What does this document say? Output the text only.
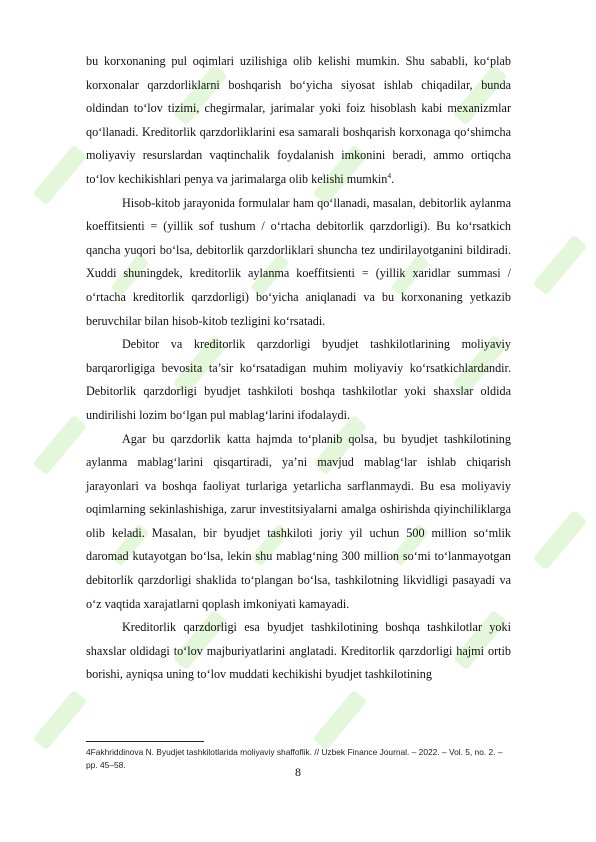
bu korxonaning pul oqimlari uzilishiga olib kelishi mumkin. Shu sababli, ko‘plab korxonalar qarzdorliklarni boshqarish bo‘yicha siyosat ishlab chiqadilar, bunda oldindan to‘lov tizimi, chegirmalar, jarimalar yoki foiz hisoblash kabi mexanizmlar qo‘llanadi. Kreditorlik qarzdorliklarini esa samarali boshqarish korxonaga qo‘shimcha moliyaviy resurslardan vaqtinchalik foydalanish imkonini beradi, ammo ortiqcha to‘lov kechikishlari penya va jarimalarga olib kelishi mumkin$^4$.

Hisob-kitob jarayonida formulalar ham qo‘llanadi, masalan, debitorlik aylanma koeffitsienti = (yillik sof tushum / o‘rtacha debitorlik qarzdorligi). Bu ko‘rsatkich qancha yuqori bo‘lsa, debitorlik qarzdorliklari shuncha tez undirilayotganini bildiradi. Xuddi shuningdek, kreditorlik aylanma koeffitsienti = (yillik xaridlar summasi / o‘rtacha kreditorlik qarzdorligi) bo‘yicha aniqlanadi va bu korxonaning yetkazib beruvchilar bilan hisob-kitob tezligini ko‘rsatadi.

Debitor va kreditorlik qarzdorligi byudjet tashkilotlarining moliyaviy barqarorligiga bevosita ta’sir ko‘rsatadigan muhim moliyaviy ko‘rsatkichlardandir. Debitorlik qarzdorligi byudjet tashkiloti boshqa tashkilotlar yoki shaxslar oldida undirilishi lozim bo‘lgan pul mablag‘larini ifodalaydi.

Agar bu qarzdorlik katta hajmda to‘planib qolsa, bu byudjet tashkilotining aylanma mablag‘larini qisqartiradi, ya’ni mavjud mablag‘lar ishlab chiqarish jarayonlari va boshqa faoliyat turlariga yetarlicha sarflanmaydi. Bu esa moliyaviy oqimlarning sekinlashishiga, zarur investitsiyalarni amalga oshirishda qiyinchiliklarga olib keladi. Masalan, bir byudjet tashkiloti joriy yil uchun 500 million so‘mlik daromad kutayotgan bo‘lsa, lekin shu mablag‘ning 300 million so‘mi to‘lanmayotgan debitorlik qarzdorligi shaklida to‘plangan bo‘lsa, tashkilotning likvidligi pasayadi va o‘z vaqtida xarajatlarni qoplash imkoniyati kamayadi.

Kreditorlik qarzdorligi esa byudjet tashkilotining boshqa tashkilotlar yoki shaxslar oldidagi to‘lov majburiyatlarini anglatadi. Kreditorlik qarzdorligi hajmi ortib borishi, ayniqsa uning to‘lov muddati kechikishi byudjet tashkilotining

4Fakhriddinova N. Byudjet tashkilotlarida moliyaviy shaffoflik. // Uzbek Finance Journal. – 2022. – Vol. 5, no. 2. – pp. 45–58.
8
